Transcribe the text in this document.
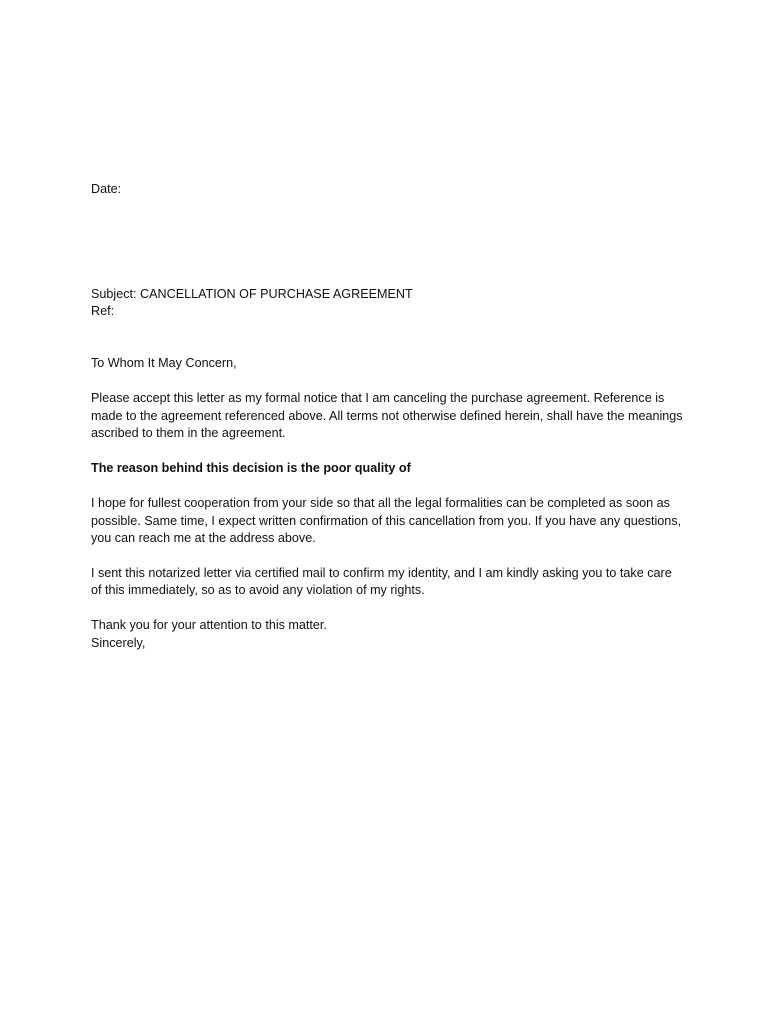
Date:
Subject: CANCELLATION OF PURCHASE AGREEMENT
Ref:
To Whom It May Concern,
Please accept this letter as my formal notice that I am canceling the purchase agreement. Reference is
made to the agreement referenced above. All terms not otherwise defined herein, shall have the meanings
ascribed to them in the agreement.
The reason behind this decision is the poor quality of
I hope for fullest cooperation from your side so that all the legal formalities can be completed as soon as
possible. Same time, I expect written confirmation of this cancellation from you. If you have any questions,
you can reach me at the address above.
I sent this notarized letter via certified mail to confirm my identity, and I am kindly asking you to take care
of this immediately, so as to avoid any violation of my rights.
Thank you for your attention to this matter.
Sincerely,
